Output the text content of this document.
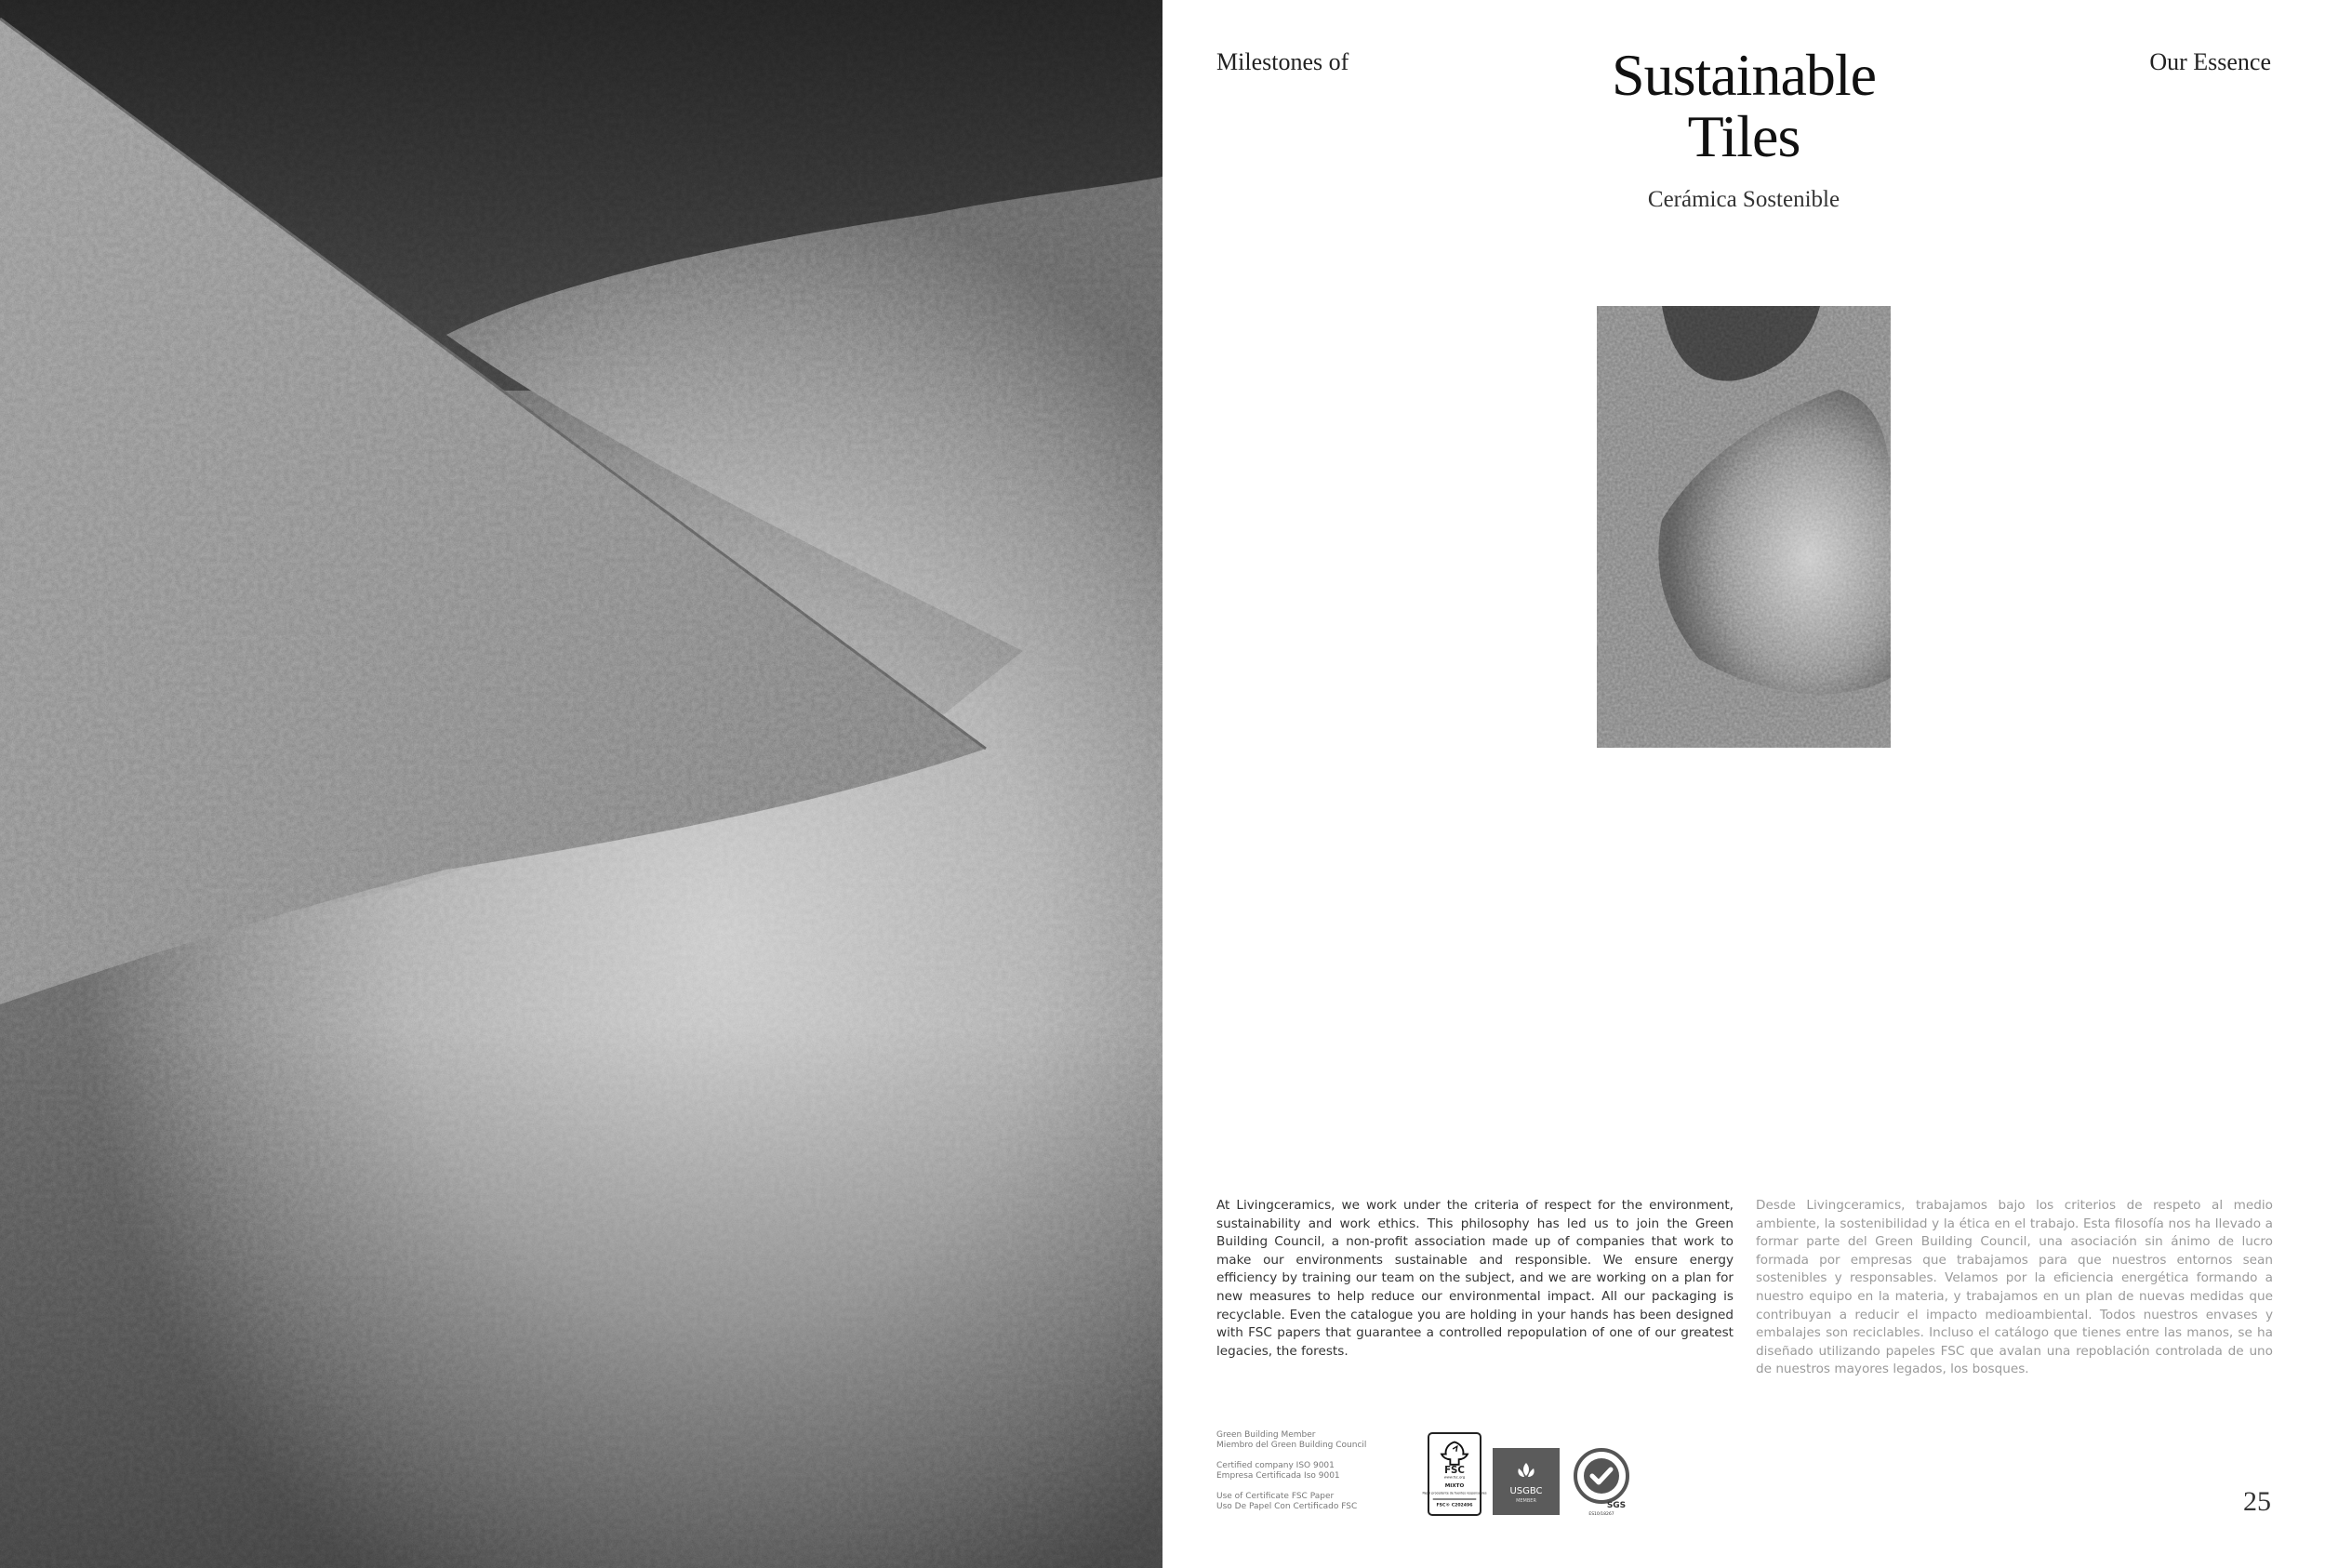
Milestones of	Our Essence
Sustainable
Tiles
Cerámica Sostenible
At Livingceramics, we work under the criteria of respect for the environment, sustainability and work ethics. This philosophy has led us to join the Green Building Council, a non-profit association made up of companies that work to make our environments sustainable and responsible. We ensure energy efficiency by training our team on the subject, and we are working on a plan for new measures to help reduce our environmental impact. All our packaging is recyclable. Even the catalogue you are holding in your hands has been designed with FSC papers that guarantee a controlled repopulation of one of our greatest legacies, the forests.
Desde Livingceramics, trabajamos bajo los criterios de respeto al medio ambiente, la sostenibilidad y la ética en el trabajo. Esta filosofía nos ha llevado a formar parte del Green Building Council, una asociación sin ánimo de lucro formada por empresas que trabajamos para que nuestros entornos sean sostenibles y responsables. Velamos por la eficiencia energética formando a nuestro equipo en la materia, y trabajamos en un plan de nuevas medidas que contribuyan a reducir el impacto medioambiental. Todos nuestros envases y embalajes son reciclables. Incluso el catálogo que tienes entre las manos, se ha diseñado utilizando papeles FSC que avalan una repoblación controlada de uno de nuestros mayores legados, los bosques.

Green Building Member
Miembro del Green Building Council

Certified company ISO 9001
Empresa Certificada Iso 9001

Use of Certificate FSC Paper
Uso De Papel Con Certificado FSC

FSC
www.fsc.org
MIXTO
Papel procedente de fuentes responsables
FSC® C202496
USGBC
MEMBER	SGS
ES10/18267	25
